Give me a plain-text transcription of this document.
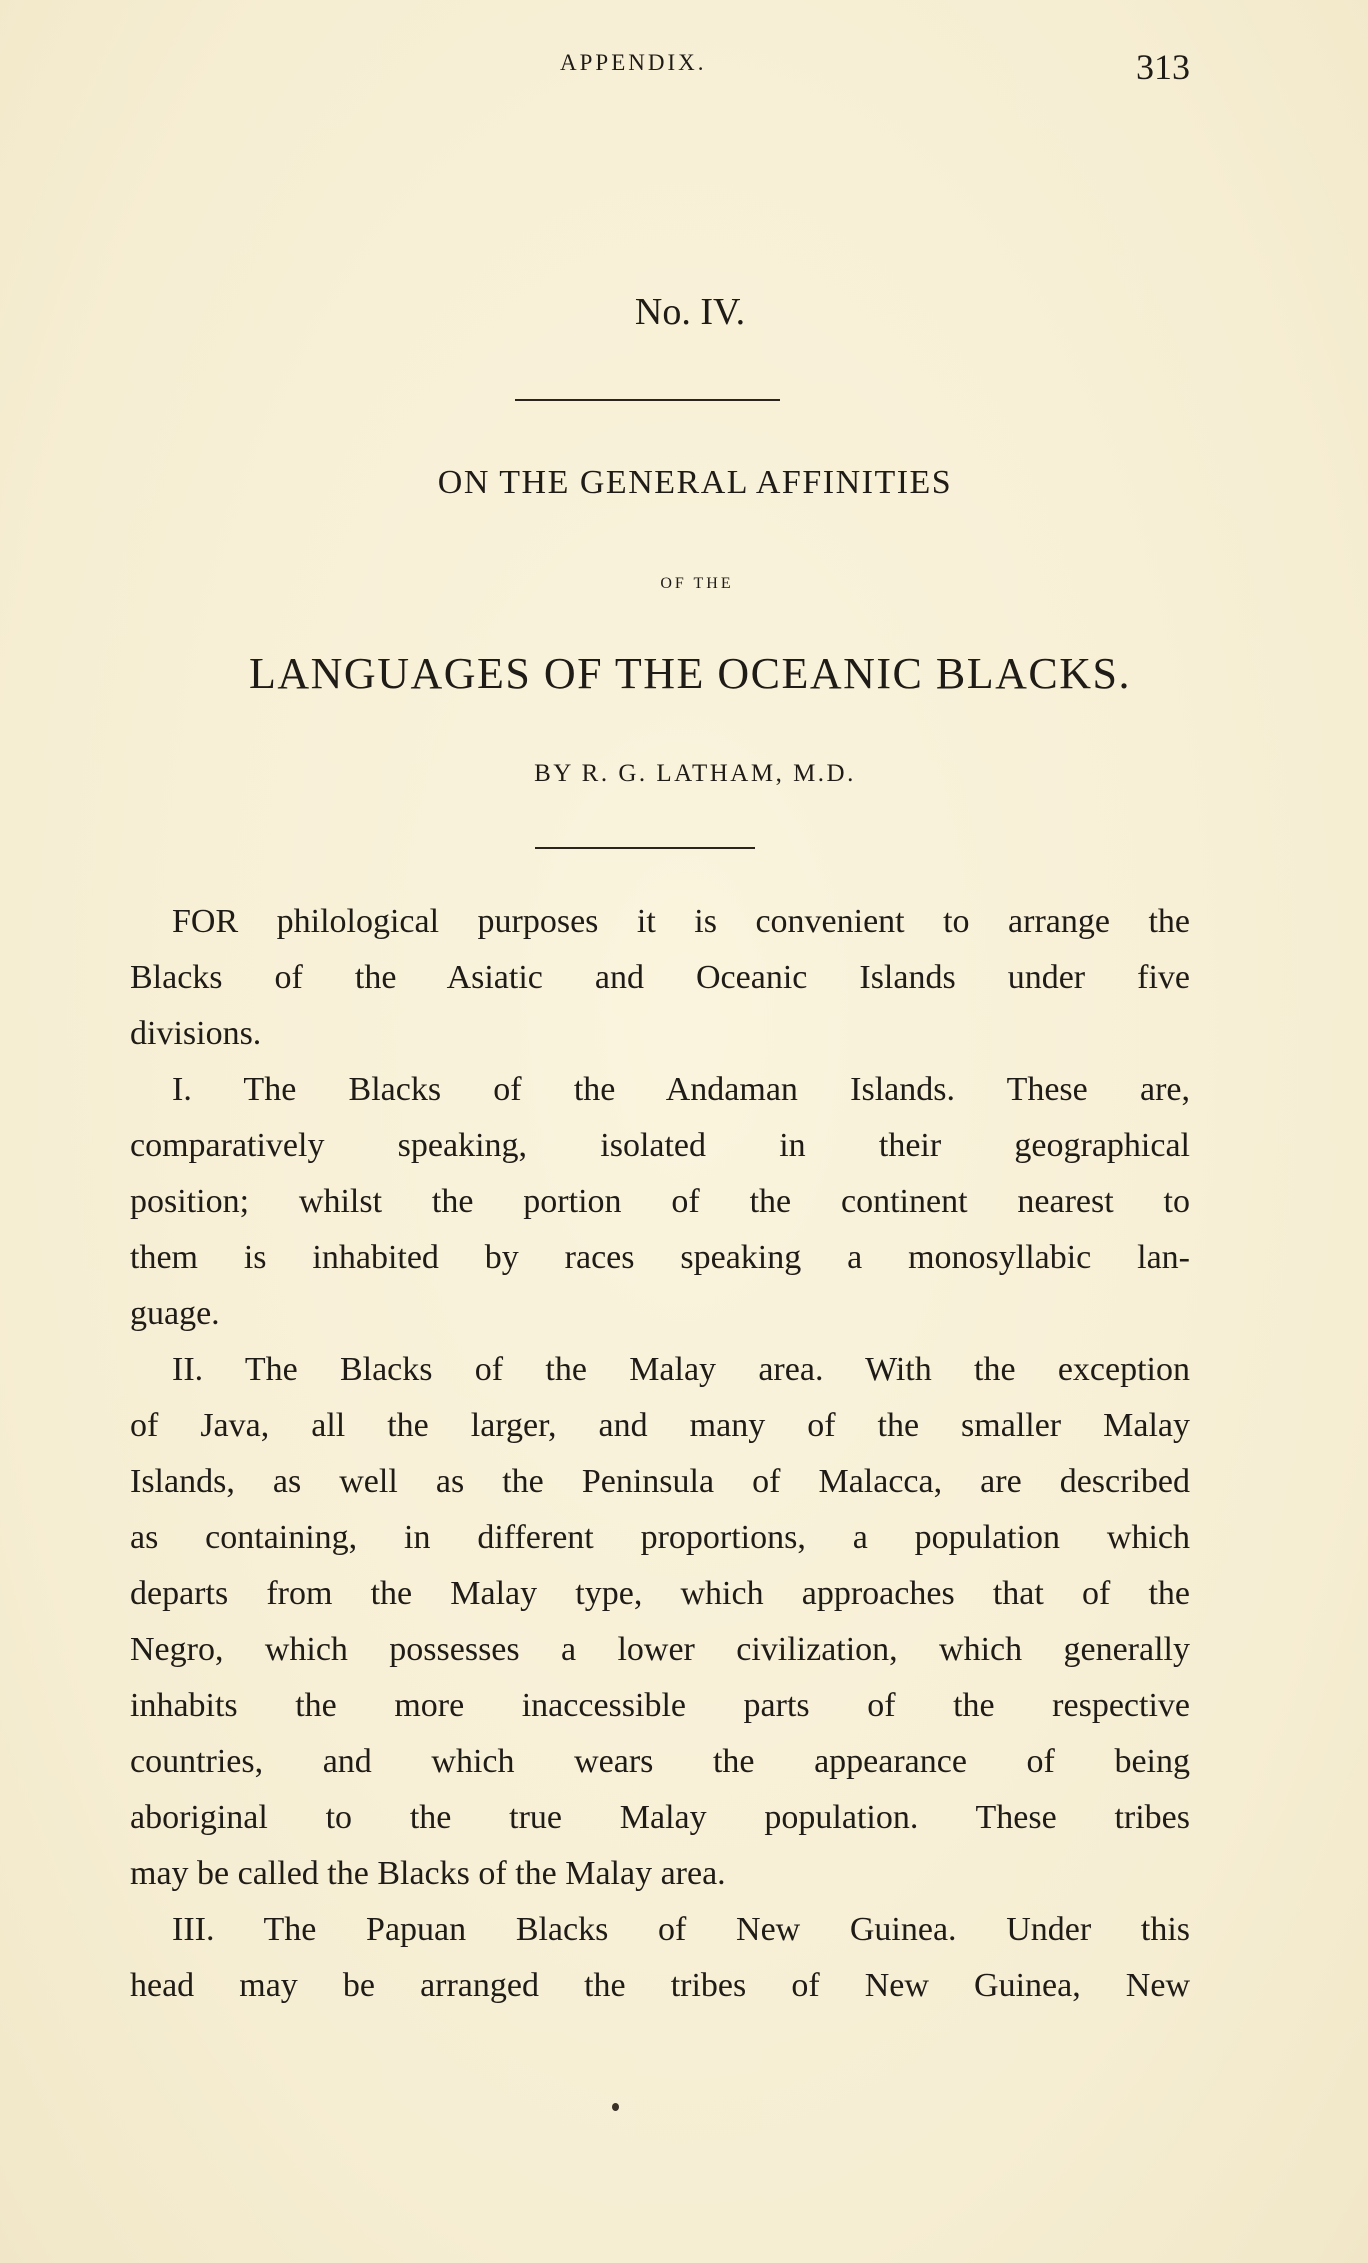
APPENDIX.	313
No. IV.
ON THE GENERAL AFFINITIES
OF THE
LANGUAGES OF THE OCEANIC BLACKS.
BY R. G. LATHAM, M.D.
FOR philological purposes it is convenient to arrange the
Blacks of the Asiatic and Oceanic Islands under five
divisions.
I. The Blacks of the Andaman Islands. These are,
comparatively speaking, isolated in their geographical
position; whilst the portion of the continent nearest to
them is inhabited by races speaking a monosyllabic lan-
guage.
II. The Blacks of the Malay area. With the exception
of Java, all the larger, and many of the smaller Malay
Islands, as well as the Peninsula of Malacca, are described
as containing, in different proportions, a population which
departs from the Malay type, which approaches that of the
Negro, which possesses a lower civilization, which generally
inhabits the more inaccessible parts of the respective
countries, and which wears the appearance of being
aboriginal to the true Malay population. These tribes
may be called the Blacks of the Malay area.
III. The Papuan Blacks of New Guinea. Under this
head may be arranged the tribes of New Guinea, New
